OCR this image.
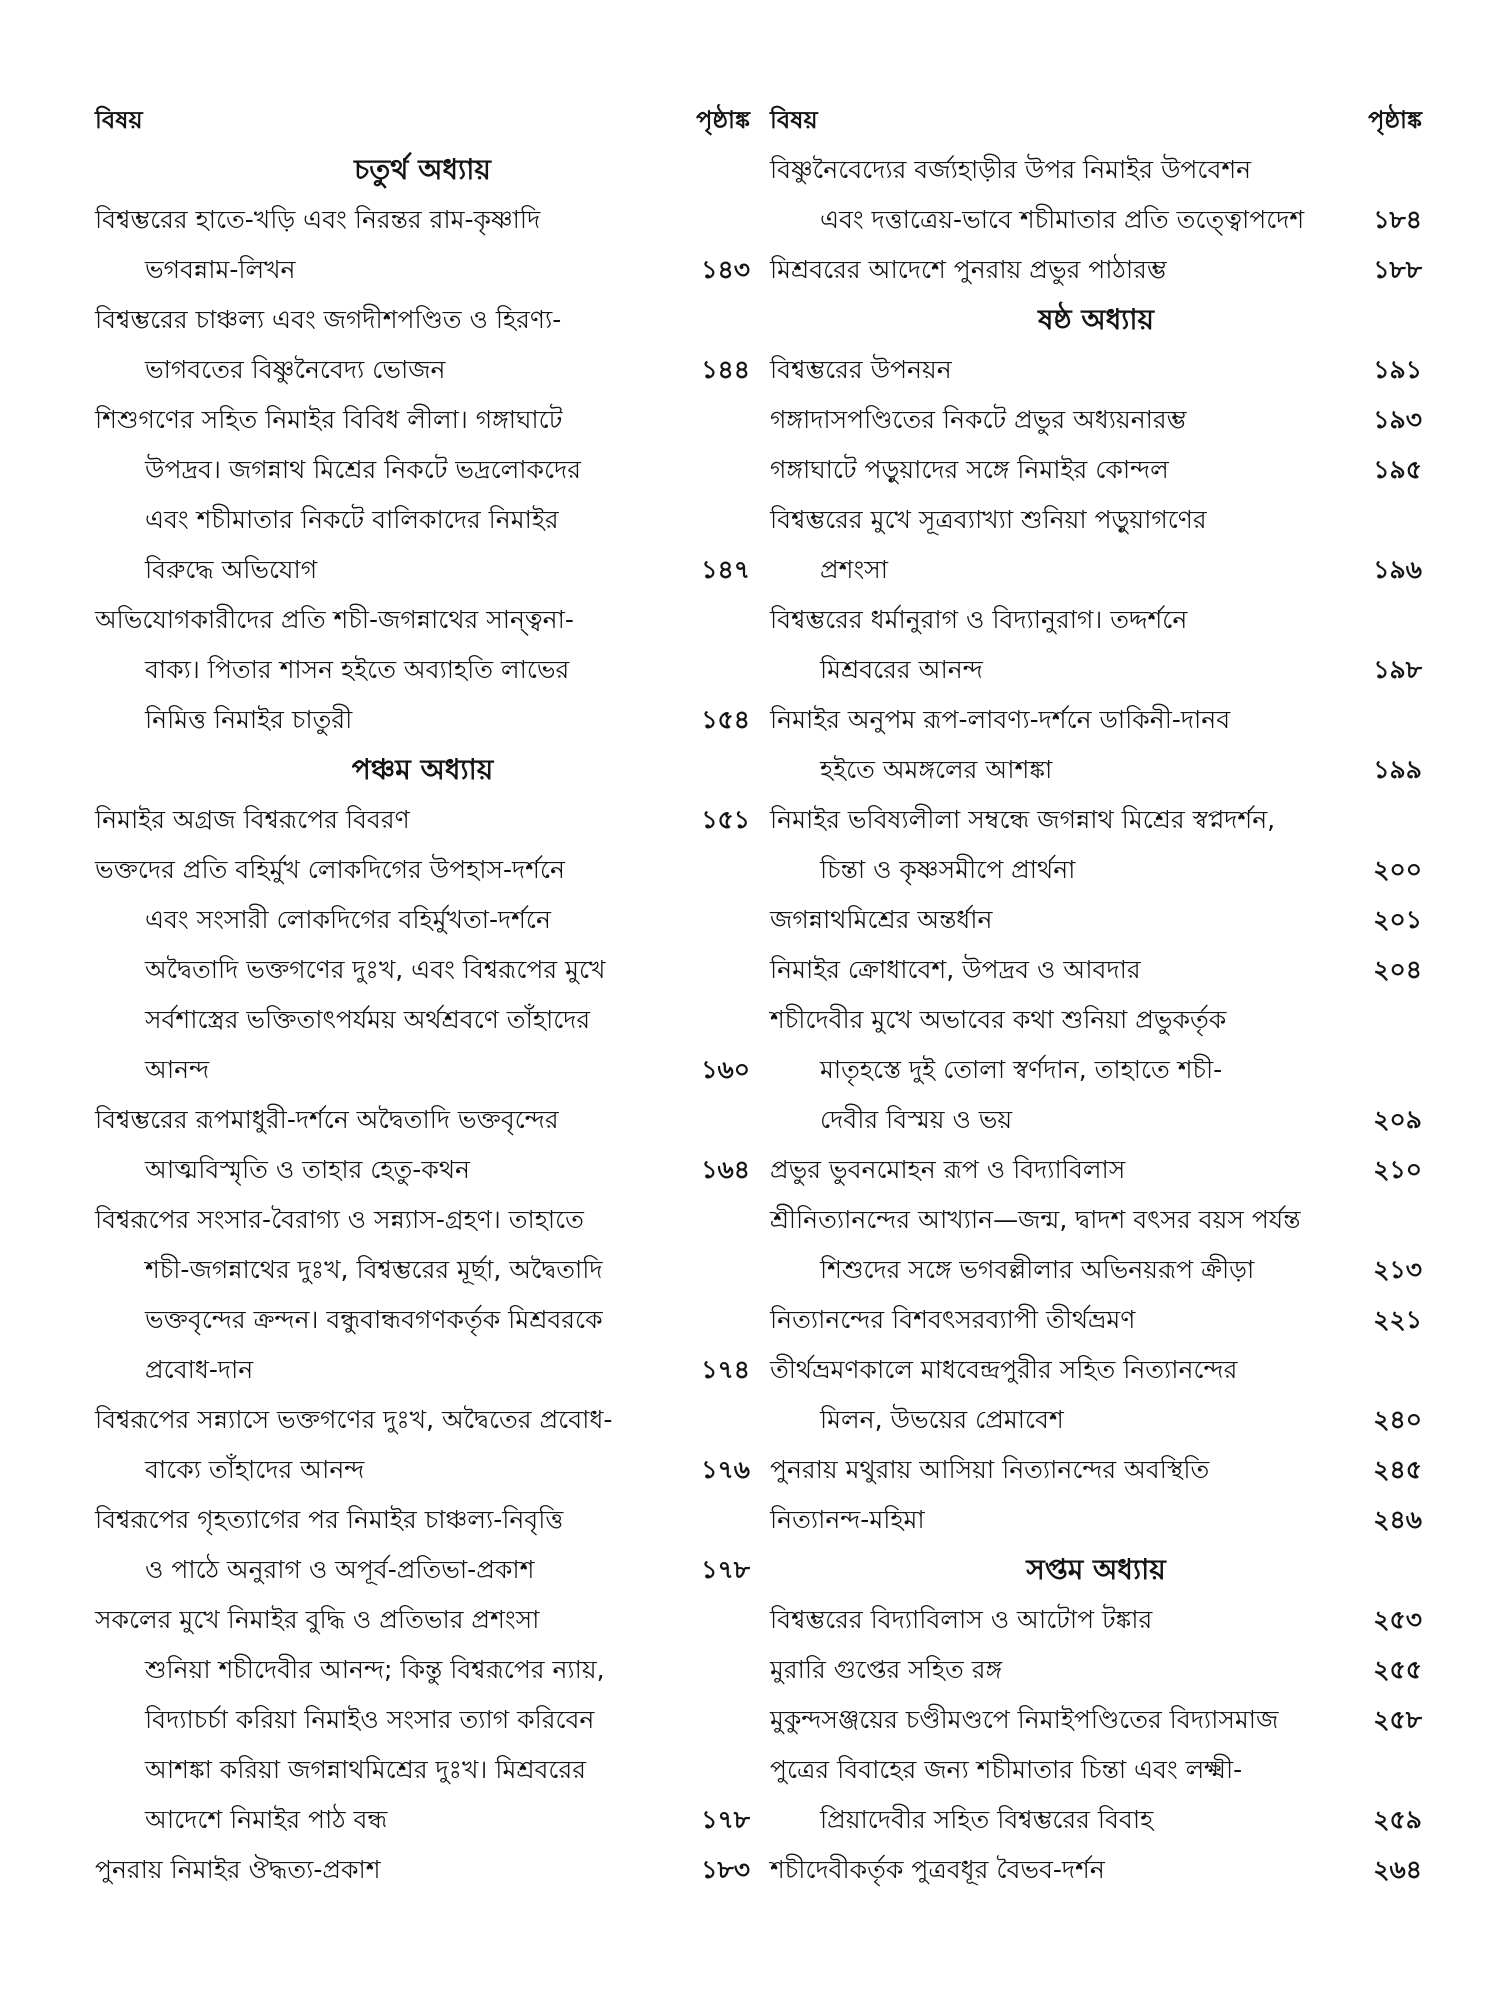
বিষয়	পৃষ্ঠাঙ্ক
চতুর্থ অধ্যায়
বিশ্বম্ভরের হাতে-খড়ি এবং নিরন্তর রাম-কৃষ্ণাদি
ভগবন্নাম-লিখন	১৪৩
বিশ্বম্ভরের চাঞ্চল্য এবং জগদীশপণ্ডিত ও হিরণ্য-
ভাগবতের বিষ্ণুনৈবেদ্য ভোজন	১৪৪
শিশুগণের সহিত নিমাইর বিবিধ লীলা। গঙ্গাঘাটে
উপদ্রব। জগন্নাথ মিশ্রের নিকটে ভদ্রলোকদের
এবং শচীমাতার নিকটে বালিকাদের নিমাইর
বিরুদ্ধে অভিযোগ	১৪৭
অভিযোগকারীদের প্রতি শচী-জগন্নাথের সান্ত্বনা-
বাক্য। পিতার শাসন হইতে অব্যাহতি লাভের
নিমিত্ত নিমাইর চাতুরী	১৫৪
পঞ্চম অধ্যায়
নিমাইর অগ্রজ বিশ্বরূপের বিবরণ	১৫১
ভক্তদের প্রতি বহির্মুখ লোকদিগের উপহাস-দর্শনে
এবং সংসারী লোকদিগের বহির্মুখতা-দর্শনে
অদ্বৈতাদি ভক্তগণের দুঃখ, এবং বিশ্বরূপের মুখে
সর্বশাস্ত্রের ভক্তিতাৎপর্যময় অর্থশ্রবণে তাঁহাদের
আনন্দ	১৬০
বিশ্বম্ভরের রূপমাধুরী-দর্শনে অদ্বৈতাদি ভক্তবৃন্দের
আত্মবিস্মৃতি ও তাহার হেতু-কথন	১৬৪
বিশ্বরূপের সংসার-বৈরাগ্য ও সন্ন্যাস-গ্রহণ। তাহাতে
শচী-জগন্নাথের দুঃখ, বিশ্বম্ভরের মূর্ছা, অদ্বৈতাদি
ভক্তবৃন্দের ক্রন্দন। বন্ধুবান্ধবগণকর্তৃক মিশ্রবরকে
প্রবোধ-দান	১৭৪
বিশ্বরূপের সন্ন্যাসে ভক্তগণের দুঃখ, অদ্বৈতের প্রবোধ-
বাক্যে তাঁহাদের আনন্দ	১৭৬
বিশ্বরূপের গৃহত্যাগের পর নিমাইর চাঞ্চল্য-নিবৃত্তি
ও পাঠে অনুরাগ ও অপূর্ব-প্রতিভা-প্রকাশ	১৭৮
সকলের মুখে নিমাইর বুদ্ধি ও প্রতিভার প্রশংসা
শুনিয়া শচীদেবীর আনন্দ; কিন্তু বিশ্বরূপের ন্যায়,
বিদ্যাচর্চা করিয়া নিমাইও সংসার ত্যাগ করিবেন
আশঙ্কা করিয়া জগন্নাথমিশ্রের দুঃখ। মিশ্রবরের
আদেশে নিমাইর পাঠ বন্ধ	১৭৮
পুনরায় নিমাইর ঔদ্ধত্য-প্রকাশ	১৮৩
বিষয়	পৃষ্ঠাঙ্ক
বিষ্ণুনৈবেদ্যের বর্জ্যহাড়ীর উপর নিমাইর উপবেশন
এবং দত্তাত্রেয়-ভাবে শচীমাতার প্রতি তত্ত্বোপদেশ	১৮৪
মিশ্রবরের আদেশে পুনরায় প্রভুর পাঠারম্ভ	১৮৮
ষষ্ঠ অধ্যায়
বিশ্বম্ভরের উপনয়ন	১৯১
গঙ্গাদাসপণ্ডিতের নিকটে প্রভুর অধ্যয়নারম্ভ	১৯৩
গঙ্গাঘাটে পড়ুয়াদের সঙ্গে নিমাইর কোন্দল	১৯৫
বিশ্বম্ভরের মুখে সূত্রব্যাখ্যা শুনিয়া পড়ুয়াগণের
প্রশংসা	১৯৬
বিশ্বম্ভরের ধর্মানুরাগ ও বিদ্যানুরাগ। তদ্দর্শনে
মিশ্রবরের আনন্দ	১৯৮
নিমাইর অনুপম রূপ-লাবণ্য-দর্শনে ডাকিনী-দানব
হইতে অমঙ্গলের আশঙ্কা	১৯৯
নিমাইর ভবিষ্যলীলা সম্বন্ধে জগন্নাথ মিশ্রের স্বপ্নদর্শন,
চিন্তা ও কৃষ্ণসমীপে প্রার্থনা	২০০
জগন্নাথমিশ্রের অন্তর্ধান	২০১
নিমাইর ক্রোধাবেশ, উপদ্রব ও আবদার	২০৪
শচীদেবীর মুখে অভাবের কথা শুনিয়া প্রভুকর্তৃক
মাতৃহস্তে দুই তোলা স্বর্ণদান, তাহাতে শচী-
দেবীর বিস্ময় ও ভয়	২০৯
প্রভুর ভুবনমোহন রূপ ও বিদ্যাবিলাস	২১০
শ্রীনিত্যানন্দের আখ্যান—জন্ম, দ্বাদশ বৎসর বয়স পর্যন্ত
শিশুদের সঙ্গে ভগবল্লীলার অভিনয়রূপ ক্রীড়া	২১৩
নিত্যানন্দের বিশবৎসরব্যাপী তীর্থভ্রমণ	২২১
তীর্থভ্রমণকালে মাধবেন্দ্রপুরীর সহিত নিত্যানন্দের
মিলন, উভয়ের প্রেমাবেশ	২৪০
পুনরায় মথুরায় আসিয়া নিত্যানন্দের অবস্থিতি	২৪৫
নিত্যানন্দ-মহিমা	২৪৬
সপ্তম অধ্যায়
বিশ্বম্ভরের বিদ্যাবিলাস ও আটোপ টঙ্কার	২৫৩
মুরারি গুপ্তের সহিত রঙ্গ	২৫৫
মুকুন্দসঞ্জয়ের চণ্ডীমণ্ডপে নিমাইপণ্ডিতের বিদ্যাসমাজ	২৫৮
পুত্রের বিবাহের জন্য শচীমাতার চিন্তা এবং লক্ষ্মী-
প্রিয়াদেবীর সহিত বিশ্বম্ভরের বিবাহ	২৫৯
শচীদেবীকর্তৃক পুত্রবধূর বৈভব-দর্শন	২৬৪
